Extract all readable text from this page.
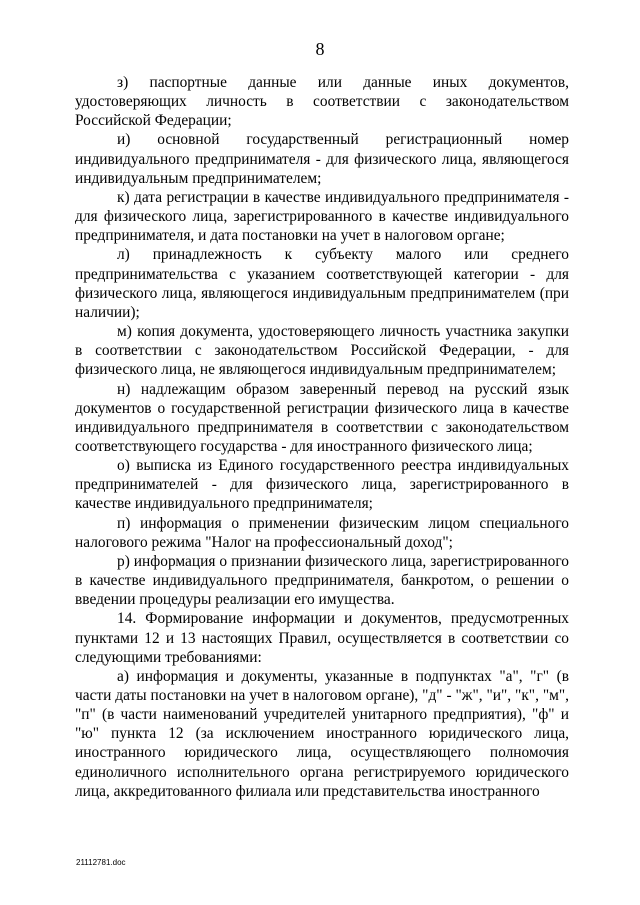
8

з) паспортные данные или данные иных документов, удостоверяющих личность в соответствии с законодательством Российской Федерации;

и) основной государственный регистрационный номер индивидуального предпринимателя - для физического лица, являющегося индивидуальным предпринимателем;

к) дата регистрации в качестве индивидуального предпринимателя - для физического лица, зарегистрированного в качестве индивидуального предпринимателя, и дата постановки на учет в налоговом органе;

л) принадлежность к субъекту малого или среднего предпринимательства с указанием соответствующей категории - для физического лица, являющегося индивидуальным предпринимателем (при наличии);

м) копия документа, удостоверяющего личность участника закупки в соответствии с законодательством Российской Федерации, - для физического лица, не являющегося индивидуальным предпринимателем;

н) надлежащим образом заверенный перевод на русский язык документов о государственной регистрации физического лица в качестве индивидуального предпринимателя в соответствии с законодательством соответствующего государства - для иностранного физического лица;

о) выписка из Единого государственного реестра индивидуальных предпринимателей - для физического лица, зарегистрированного в качестве индивидуального предпринимателя;

п) информация о применении физическим лицом специального налогового режима "Налог на профессиональный доход";

р) информация о признании физического лица, зарегистрированного в качестве индивидуального предпринимателя, банкротом, о решении о введении процедуры реализации его имущества.

14. Формирование информации и документов, предусмотренных пунктами 12 и 13 настоящих Правил, осуществляется в соответствии со следующими требованиями:

а) информация и документы, указанные в подпунктах "а", "г" (в части даты постановки на учет в налоговом органе), "д" - "ж", "и", "к", "м", "п" (в части наименований учредителей унитарного предприятия), "ф" и "ю" пункта 12 (за исключением иностранного юридического лица, иностранного юридического лица, осуществляющего полномочия единоличного исполнительного органа регистрируемого юридического лица, аккредитованного филиала или представительства иностранного

21112781.doc
